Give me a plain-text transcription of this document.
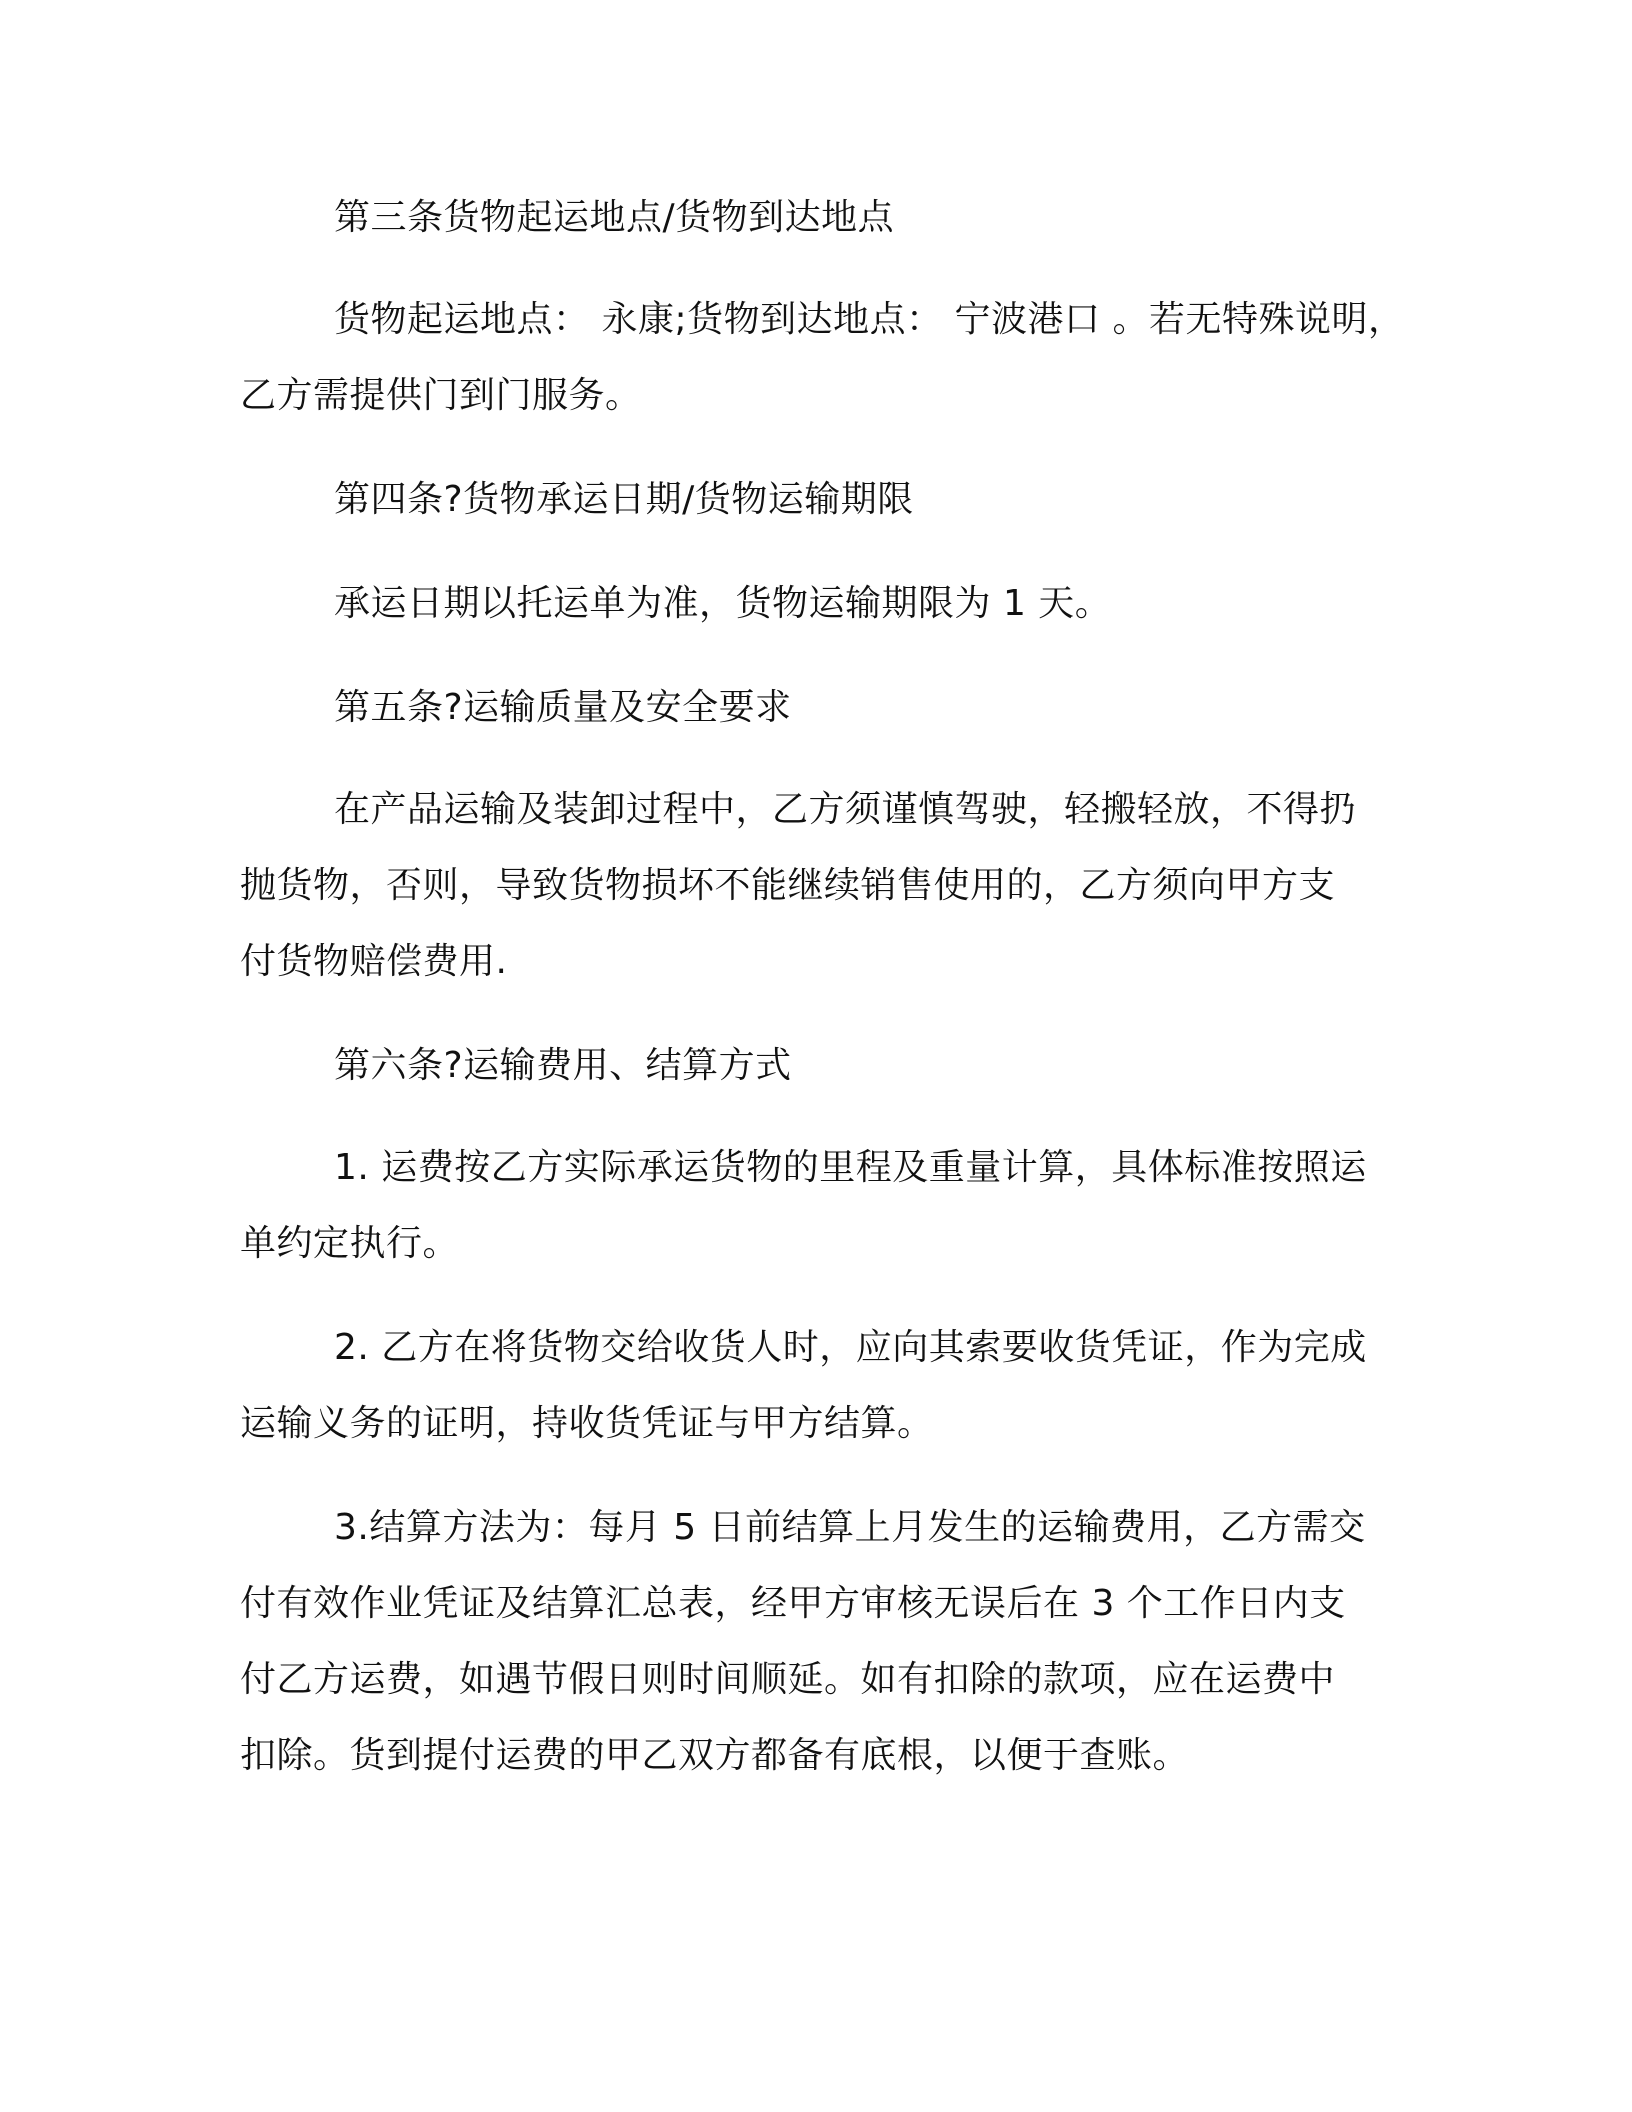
第三条货物起运地点/货物到达地点
货物起运地点： 永康;货物到达地点： 宁波港口 。若无特殊说明，
乙方需提供门到门服务。
第四条?货物承运日期/货物运输期限
承运日期以托运单为准，货物运输期限为 1 天。
第五条?运输质量及安全要求
在产品运输及装卸过程中，乙方须谨慎驾驶，轻搬轻放，不得扔
抛货物，否则，导致货物损坏不能继续销售使用的，乙方须向甲方支
付货物赔偿费用.
第六条?运输费用、结算方式
1. 运费按乙方实际承运货物的里程及重量计算，具体标准按照运
单约定执行。
2. 乙方在将货物交给收货人时，应向其索要收货凭证，作为完成
运输义务的证明，持收货凭证与甲方结算。
3.结算方法为：每月 5 日前结算上月发生的运输费用，乙方需交
付有效作业凭证及结算汇总表，经甲方审核无误后在 3 个工作日内支
付乙方运费，如遇节假日则时间顺延。如有扣除的款项，应在运费中
扣除。货到提付运费的甲乙双方都备有底根，以便于查账。
